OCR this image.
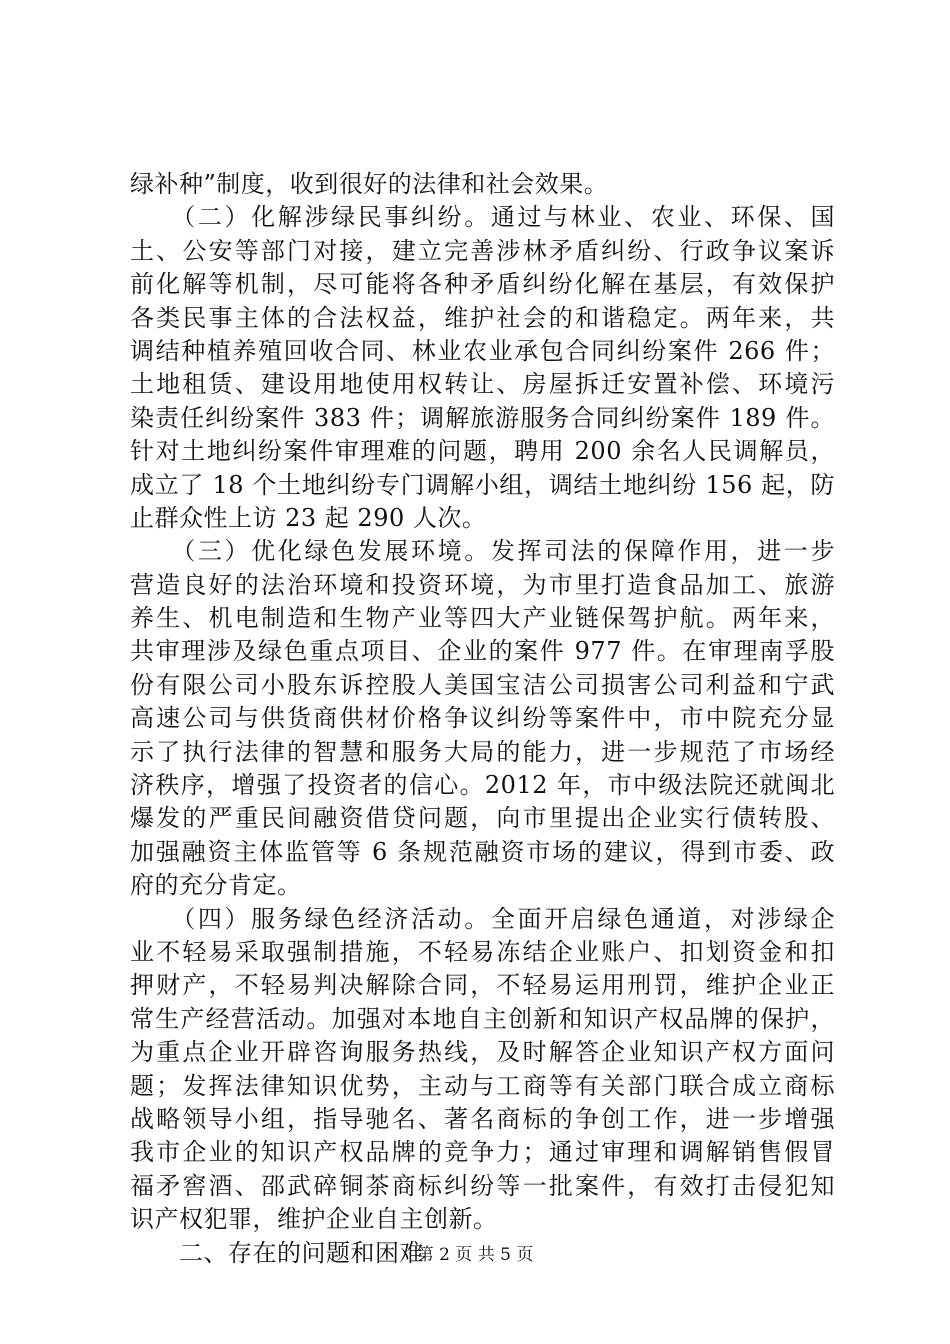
绿补种”制度，收到很好的法律和社会效果。
　　（二）化解涉绿民事纠纷。通过与林业、农业、环保、国
土、公安等部门对接，建立完善涉林矛盾纠纷、行政争议案诉
前化解等机制，尽可能将各种矛盾纠纷化解在基层，有效保护
各类民事主体的合法权益，维护社会的和谐稳定。两年来，共
调结种植养殖回收合同、林业农业承包合同纠纷案件 266 件；
土地租赁、建设用地使用权转让、房屋拆迁安置补偿、环境污
染责任纠纷案件 383 件；调解旅游服务合同纠纷案件 189 件。
针对土地纠纷案件审理难的问题，聘用 200 余名人民调解员，
成立了 18 个土地纠纷专门调解小组，调结土地纠纷 156 起，防
止群众性上访 23 起 290 人次。
　　（三）优化绿色发展环境。发挥司法的保障作用，进一步
营造良好的法治环境和投资环境，为市里打造食品加工、旅游
养生、机电制造和生物产业等四大产业链保驾护航。两年来，
共审理涉及绿色重点项目、企业的案件 977 件。在审理南孚股
份有限公司小股东诉控股人美国宝洁公司损害公司利益和宁武
高速公司与供货商供材价格争议纠纷等案件中，市中院充分显
示了执行法律的智慧和服务大局的能力，进一步规范了市场经
济秩序，增强了投资者的信心。2012 年，市中级法院还就闽北
爆发的严重民间融资借贷问题，向市里提出企业实行债转股、
加强融资主体监管等 6 条规范融资市场的建议，得到市委、政
府的充分肯定。
　　（四）服务绿色经济活动。全面开启绿色通道，对涉绿企
业不轻易采取强制措施，不轻易冻结企业账户、扣划资金和扣
押财产，不轻易判决解除合同，不轻易运用刑罚，维护企业正
常生产经营活动。加强对本地自主创新和知识产权品牌的保护，
为重点企业开辟咨询服务热线，及时解答企业知识产权方面问
题；发挥法律知识优势，主动与工商等有关部门联合成立商标
战略领导小组，指导驰名、著名商标的争创工作，进一步增强
我市企业的知识产权品牌的竞争力；通过审理和调解销售假冒
福矛窖酒、邵武碎铜茶商标纠纷等一批案件，有效打击侵犯知
识产权犯罪，维护企业自主创新。
　　二、存在的问题和困难
第 2 页 共 5 页
